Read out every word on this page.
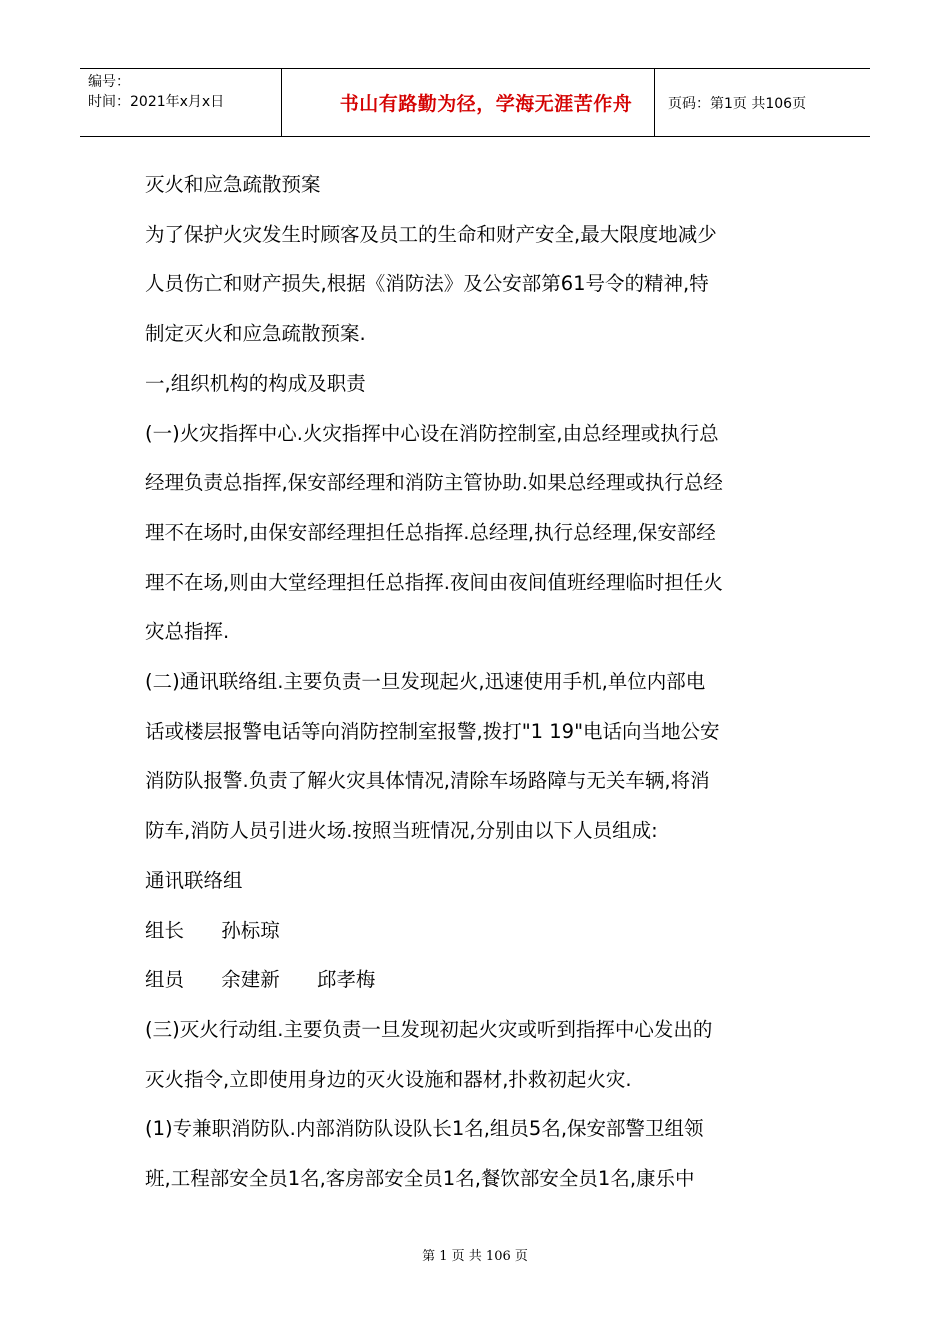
编号：
时间：2021年x月x日	书山有路勤为径，学海无涯苦作舟	页码：第1页 共106页

灭火和应急疏散预案

为了保护火灾发生时顾客及员工的生命和财产安全,最大限度地减少

人员伤亡和财产损失,根据《消防法》及公安部第61号令的精神,特

制定灭火和应急疏散预案.

一,组织机构的构成及职责

(一)火灾指挥中心.火灾指挥中心设在消防控制室,由总经理或执行总

经理负责总指挥,保安部经理和消防主管协助.如果总经理或执行总经

理不在场时,由保安部经理担任总指挥.总经理,执行总经理,保安部经

理不在场,则由大堂经理担任总指挥.夜间由夜间值班经理临时担任火

灾总指挥.

(二)通讯联络组.主要负责一旦发现起火,迅速使用手机,单位内部电

话或楼层报警电话等向消防控制室报警,拨打"1 19"电话向当地公安

消防队报警.负责了解火灾具体情况,清除车场路障与无关车辆,将消

防车,消防人员引进火场.按照当班情况,分别由以下人员组成:

通讯联络组

组长      孙标琼

组员      余建新      邱孝梅

(三)灭火行动组.主要负责一旦发现初起火灾或听到指挥中心发出的

灭火指令,立即使用身边的灭火设施和器材,扑救初起火灾.

(1)专兼职消防队.内部消防队设队长1名,组员5名,保安部警卫组领

班,工程部安全员1名,客房部安全员1名,餐饮部安全员1名,康乐中

第 1 页 共 106 页
